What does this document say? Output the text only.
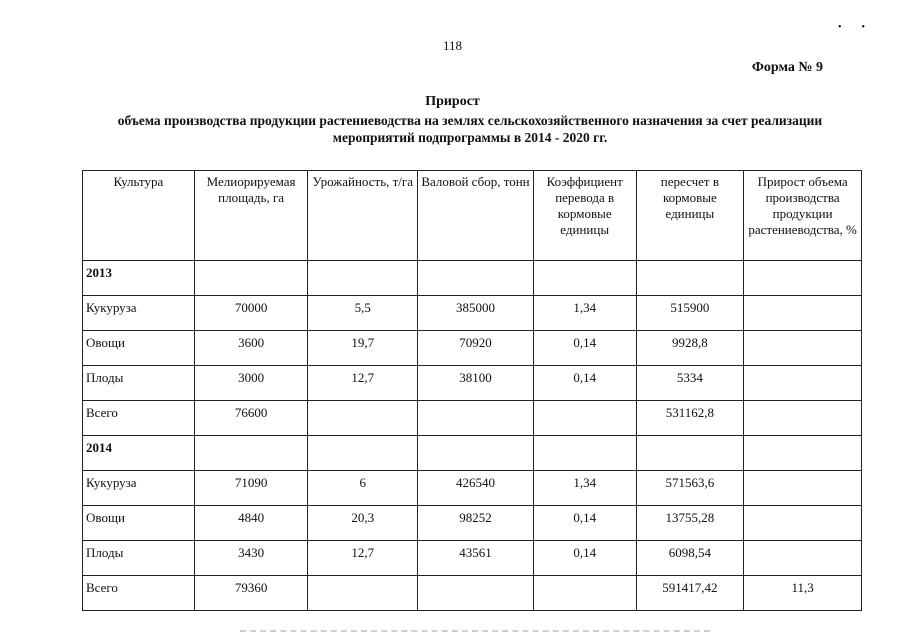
••
118
Форма № 9
Прирост
объема производства продукции растениеводства на землях сельскохозяйственного назначения за счет реализации мероприятий подпрограммы в 2014 - 2020 гг.
Культура	Мелиорируемая площадь, га	Урожайность, т/га	Валовой сбор, тонн	Коэффициент перевода в кормовые единицы	пересчет в кормовые единицы	Прирост объема производства продукции растениеводства, %
2013						
Кукуруза	70000	5,5	385000	1,34	515900	
Овощи	3600	19,7	70920	0,14	9928,8	
Плоды	3000	12,7	38100	0,14	5334	
Всего	76600				531162,8	
2014						
Кукуруза	71090	6	426540	1,34	571563,6	
Овощи	4840	20,3	98252	0,14	13755,28	
Плоды	3430	12,7	43561	0,14	6098,54	
Всего	79360				591417,42	11,3
